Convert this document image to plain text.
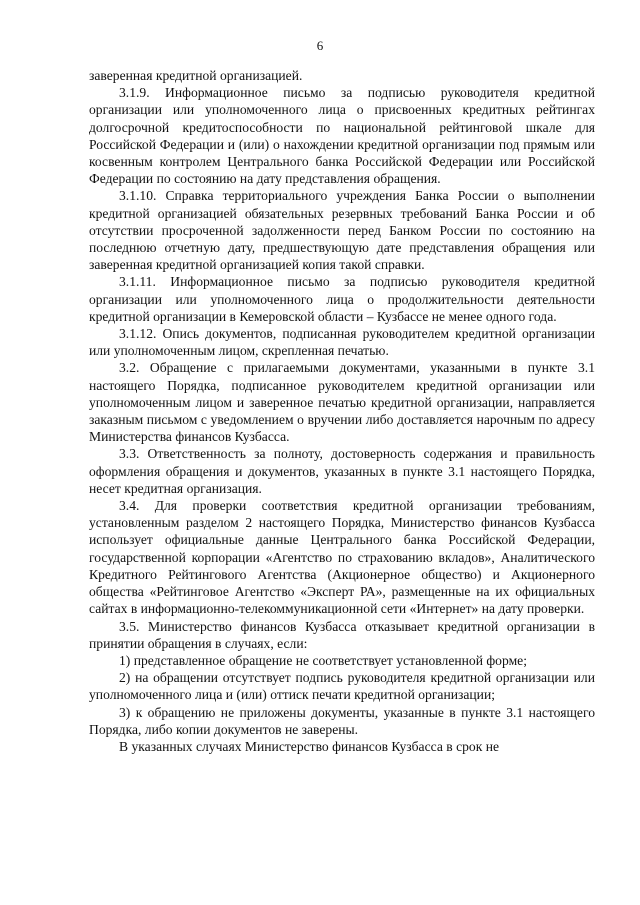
6

заверенная кредитной организацией.

3.1.9. Информационное письмо за подписью руководителя кредитной организации или уполномоченного лица о присвоенных кредитных рейтингах долгосрочной кредитоспособности по национальной рейтинговой шкале для Российской Федерации и (или) о нахождении кредитной организации под прямым или косвенным контролем Центрального банка Российской Федерации или Российской Федерации по состоянию на дату представления обращения.

3.1.10. Справка территориального учреждения Банка России о выполнении кредитной организацией обязательных резервных требований Банка России и об отсутствии просроченной задолженности перед Банком России по состоянию на последнюю отчетную дату, предшествующую дате представления обращения или заверенная кредитной организацией копия такой справки.

3.1.11. Информационное письмо за подписью руководителя кредитной организации или уполномоченного лица о продолжительности деятельности кредитной организации в Кемеровской области – Кузбассе не менее одного года.

3.1.12. Опись документов, подписанная руководителем кредитной организации или уполномоченным лицом, скрепленная печатью.

3.2. Обращение с прилагаемыми документами, указанными в пункте 3.1 настоящего Порядка, подписанное руководителем кредитной организации или уполномоченным лицом и заверенное печатью кредитной организации, направляется заказным письмом с уведомлением о вручении либо доставляется нарочным по адресу Министерства финансов Кузбасса.

3.3. Ответственность за полноту, достоверность содержания и правильность оформления обращения и документов, указанных в пункте 3.1 настоящего Порядка, несет кредитная организация.

3.4. Для проверки соответствия кредитной организации требованиям, установленным разделом 2 настоящего Порядка, Министерство финансов Кузбасса использует официальные данные Центрального банка Российской Федерации, государственной корпорации «Агентство по страхованию вкладов», Аналитического Кредитного Рейтингового Агентства (Акционерное общество) и Акционерного общества «Рейтинговое Агентство «Эксперт РА», размещенные на их официальных сайтах в информационно-телекоммуникационной сети «Интернет» на дату проверки.

3.5. Министерство финансов Кузбасса отказывает кредитной организации в принятии обращения в случаях, если:

1) представленное обращение не соответствует установленной форме;

2) на обращении отсутствует подпись руководителя кредитной организации или уполномоченного лица и (или) оттиск печати кредитной организации;

3) к обращению не приложены документы, указанные в пункте 3.1 настоящего Порядка, либо копии документов не заверены.

В указанных случаях Министерство финансов Кузбасса в срок не
